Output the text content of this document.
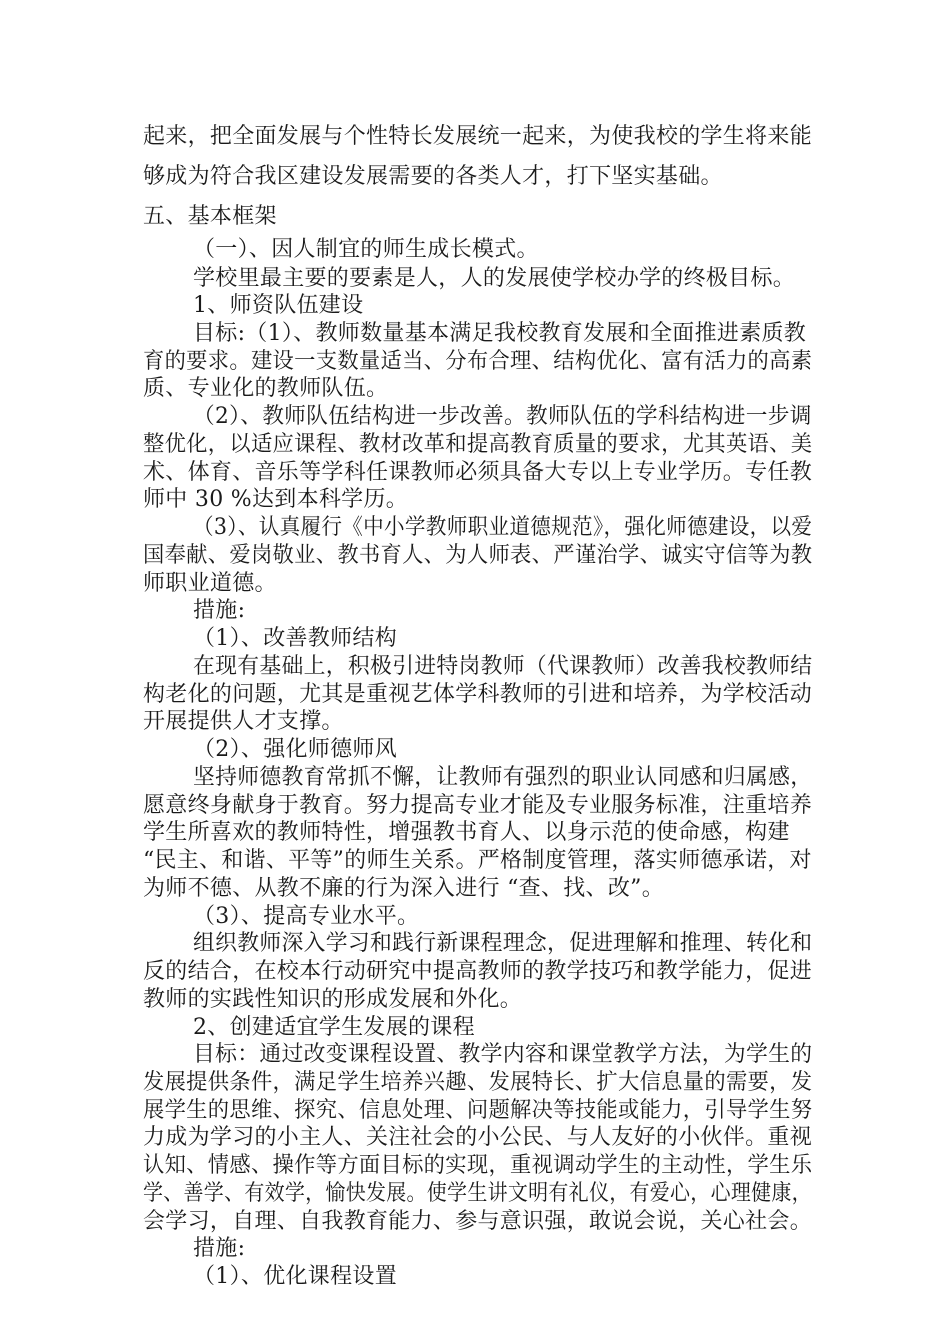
起来，把全面发展与个性特长发展统一起来，为使我校的学生将来能
够成为符合我区建设发展需要的各类人才，打下坚实基础。
五、基本框架
（一）、因人制宜的师生成长模式。
学校里最主要的要素是人，人的发展使学校办学的终极目标。
1、师资队伍建设
目标:（1）、教师数量基本满足我校教育发展和全面推进素质教
育的要求。建设一支数量适当、分布合理、结构优化、富有活力的高素
质、专业化的教师队伍。
（2）、教师队伍结构进一步改善。教师队伍的学科结构进一步调
整优化，以适应课程、教材改革和提高教育质量的要求，尤其英语、美
术、体育、音乐等学科任课教师必须具备大专以上专业学历。专任教
师中 30 %达到本科学历。
（3）、认真履行《中小学教师职业道德规范》，强化师德建设，以爱
国奉献、爱岗敬业、教书育人、为人师表、严谨治学、诚实守信等为教
师职业道德。
措施:
（1）、改善教师结构
在现有基础上，积极引进特岗教师（代课教师）改善我校教师结
构老化的问题，尤其是重视艺体学科教师的引进和培养，为学校活动
开展提供人才支撑。
（2）、强化师德师风
坚持师德教育常抓不懈，让教师有强烈的职业认同感和归属感，
愿意终身献身于教育。努力提高专业才能及专业服务标准，注重培养
学生所喜欢的教师特性，增强教书育人、以身示范的使命感，构建
“民主、和谐、平等”的师生关系。严格制度管理，落实师德承诺，对
为师不德、从教不廉的行为深入进行 “查、找、改”。
（3）、提高专业水平。
组织教师深入学习和践行新课程理念，促进理解和推理、转化和
反的结合，在校本行动研究中提高教师的教学技巧和教学能力，促进
教师的实践性知识的形成发展和外化。
2、创建适宜学生发展的课程
目标：通过改变课程设置、教学内容和课堂教学方法，为学生的
发展提供条件，满足学生培养兴趣、发展特长、扩大信息量的需要，发
展学生的思维、探究、信息处理、问题解决等技能或能力，引导学生努
力成为学习的小主人、关注社会的小公民、与人友好的小伙伴。重视
认知、情感、操作等方面目标的实现，重视调动学生的主动性，学生乐
学、善学、有效学，愉快发展。使学生讲文明有礼仪，有爱心，心理健康，
会学习，自理、自我教育能力、参与意识强，敢说会说，关心社会。
措施:
（1）、优化课程设置
